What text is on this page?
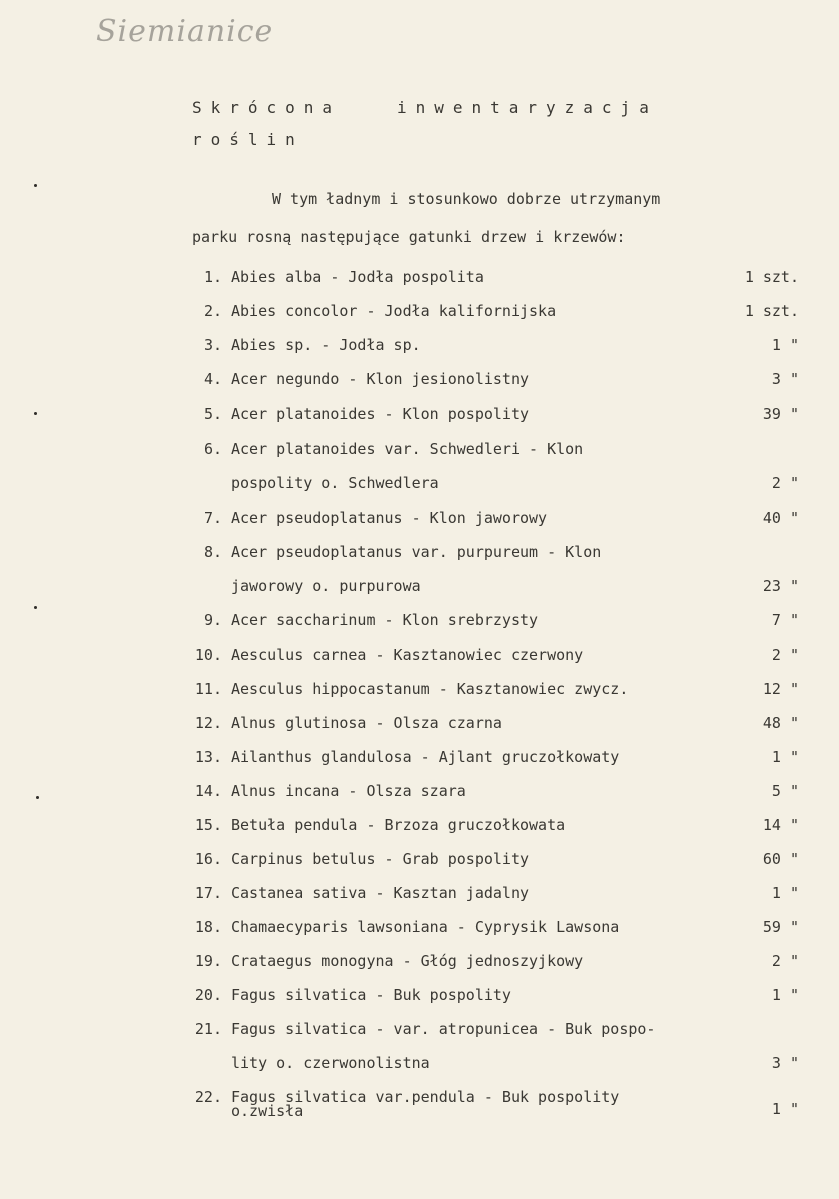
Siemianice
Skrócona   inwentaryzacja
roślin
W tym ładnym i stosunkowo dobrze utrzymanym
parku rosną następujące gatunki drzew i krzewów:
1. Abies alba - Jodła pospolita	1 szt.
2. Abies concolor - Jodła kalifornijska	1 szt.
3. Abies sp. - Jodła sp.	1 "
4. Acer negundo - Klon jesionolistny	3 "
5. Acer platanoides - Klon pospolity	39 "
6. Acer platanoides var. Schwedleri - Klon
pospolity o. Schwedlera	2 "
7. Acer pseudoplatanus - Klon jaworowy	40 "
8. Acer pseudoplatanus var. purpureum - Klon
jaworowy o. purpurowa	23 "
9. Acer saccharinum - Klon srebrzysty	7 "
10. Aesculus carnea - Kasztanowiec czerwony	2 "
11. Aesculus hippocastanum - Kasztanowiec zwycz.	12 "
12. Alnus glutinosa - Olsza czarna	48 "
13. Ailanthus glandulosa - Ajlant gruczołkowaty	1 "
14. Alnus incana - Olsza szara	5 "
15. Betuła pendula - Brzoza gruczołkowata	14 "
16. Carpinus betulus - Grab pospolity	60 "
17. Castanea sativa - Kasztan jadalny	1 "
18. Chamaecyparis lawsoniana - Cyprysik Lawsona	59 "
19. Crataegus monogyna - Głóg jednoszyjkowy	2 "
20. Fagus silvatica - Buk pospolity	1 "
21. Fagus silvatica - var. atropunicea - Buk pospo-
lity o. czerwonolistna	3 "
22. Fagus silvatica var.pendula - Buk pospolity
o.zwisła	1 "
